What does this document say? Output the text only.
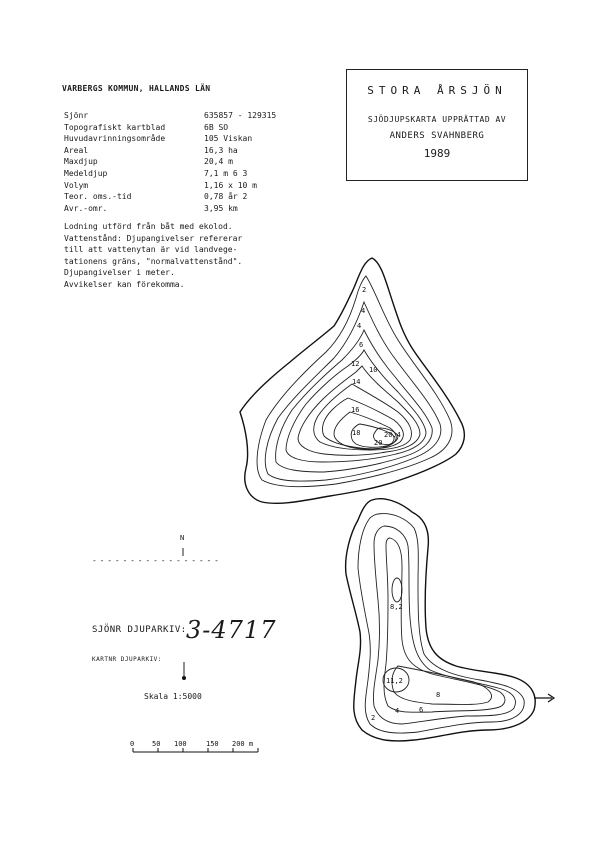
VARBERGS KOMMUN, HALLANDS LÄN
Sjönr	635857 - 129315
Topografiskt kartblad	6B SO
Huvudavrinningsområde	105 Viskan
Areal	16,3 ha
Maxdjup	20,4 m
Medeldjup	7,1 m 6 3
Volym	1,16 x 10 m
Teor. oms.-tid	0,78 år 2
Avr.-omr.	3,95 km
Lodning utförd från båt med ekolod.
Vattenstånd: Djupangivelser refererar
till att vattenytan är vid landvege-
tationens gräns, "normalvattenstånd".
Djupangivelser i meter.
Avvikelser kan förekomma.
STORA ÅRSJÖN
SJÖDJUPSKARTA UPPRÄTTAD AV
ANDERS SVAHNBERG
1989
- - - - - - - - - - - - - - - - -
SJÖNR DJUPARKIV: 3-4717
KARTNR DJUPARKIV:
Skala 1:5000
N
2
4
4
6
12
10
14
16
18
20
20,4
8,2
11,2
8
6
4
2
0	50 100	150 200 m
